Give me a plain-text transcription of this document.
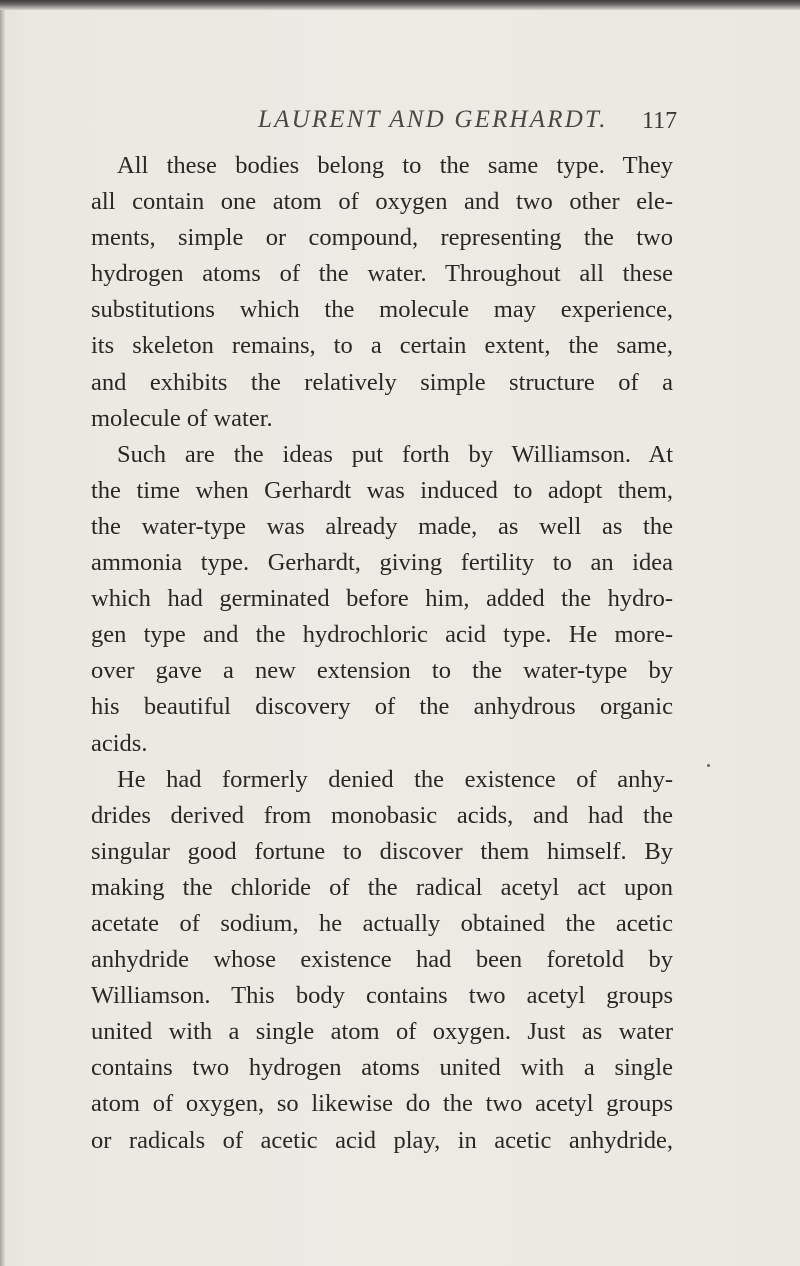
LAURENT AND GERHARDT. 117
All these bodies belong to the same type. They
all contain one atom of oxygen and two other ele-
ments, simple or compound, representing the two
hydrogen atoms of the water. Throughout all these
substitutions which the molecule may experience,
its skeleton remains, to a certain extent, the same,
and exhibits the relatively simple structure of a
molecule of water.
Such are the ideas put forth by Williamson. At
the time when Gerhardt was induced to adopt them,
the water-type was already made, as well as the
ammonia type. Gerhardt, giving fertility to an idea
which had germinated before him, added the hydro-
gen type and the hydrochloric acid type. He more-
over gave a new extension to the water-type by
his beautiful discovery of the anhydrous organic
acids.
He had formerly denied the existence of anhy-
drides derived from monobasic acids, and had the
singular good fortune to discover them himself. By
making the chloride of the radical acetyl act upon
acetate of sodium, he actually obtained the acetic
anhydride whose existence had been foretold by
Williamson. This body contains two acetyl groups
united with a single atom of oxygen. Just as water
contains two hydrogen atoms united with a single
atom of oxygen, so likewise do the two acetyl groups
or radicals of acetic acid play, in acetic anhydride,
